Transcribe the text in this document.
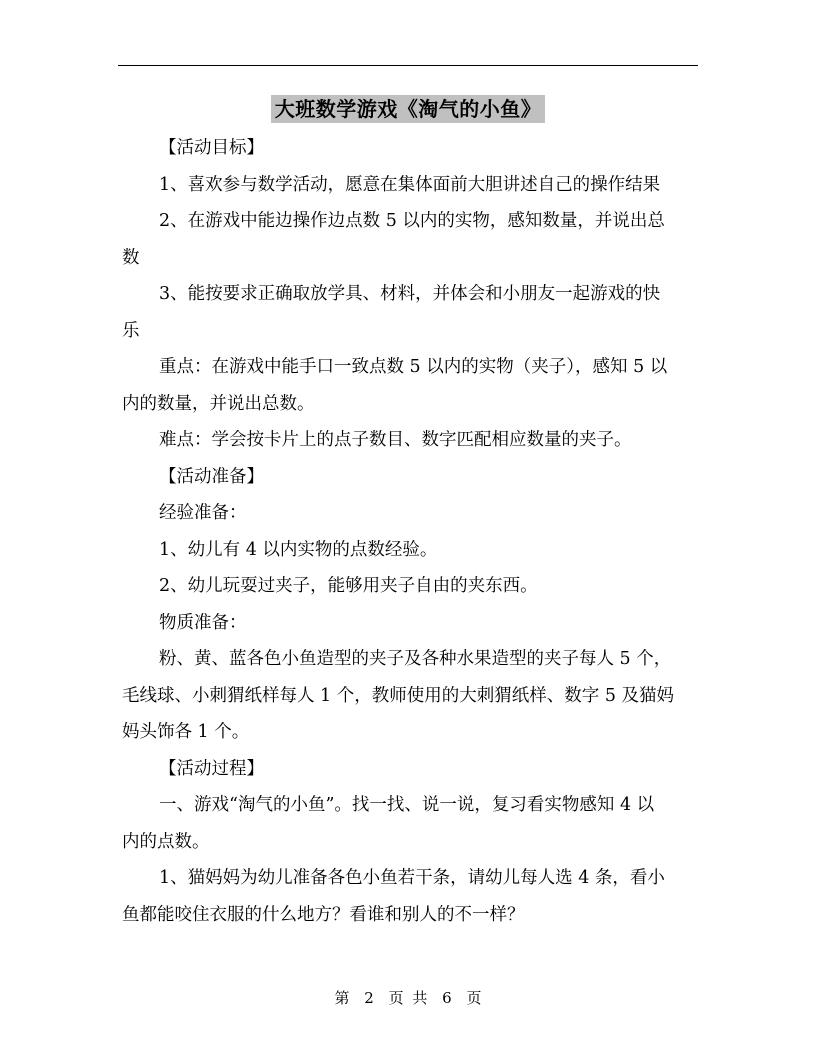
大班数学游戏《淘气的小鱼》
【活动目标】
1、喜欢参与数学活动，愿意在集体面前大胆讲述自己的操作结果
2、在游戏中能边操作边点数 5 以内的实物，感知数量，并说出总
数
3、能按要求正确取放学具、材料，并体会和小朋友一起游戏的快
乐
重点：在游戏中能手口一致点数 5 以内的实物（夹子），感知 5 以
内的数量，并说出总数。
难点：学会按卡片上的点子数目、数字匹配相应数量的夹子。
【活动准备】
经验准备：
1、幼儿有 4 以内实物的点数经验。
2、幼儿玩耍过夹子，能够用夹子自由的夹东西。
物质准备：
粉、黄、蓝各色小鱼造型的夹子及各种水果造型的夹子每人 5 个，
毛线球、小刺猬纸样每人 1 个，教师使用的大刺猬纸样、数字 5 及猫妈
妈头饰各 1 个。
【活动过程】
一、游戏“淘气的小鱼”。找一找、说一说，复习看实物感知 4 以
内的点数。
1、猫妈妈为幼儿准备各色小鱼若干条，请幼儿每人选 4 条，看小
鱼都能咬住衣服的什么地方？看谁和别人的不一样？
第 2 页 共 6 页
